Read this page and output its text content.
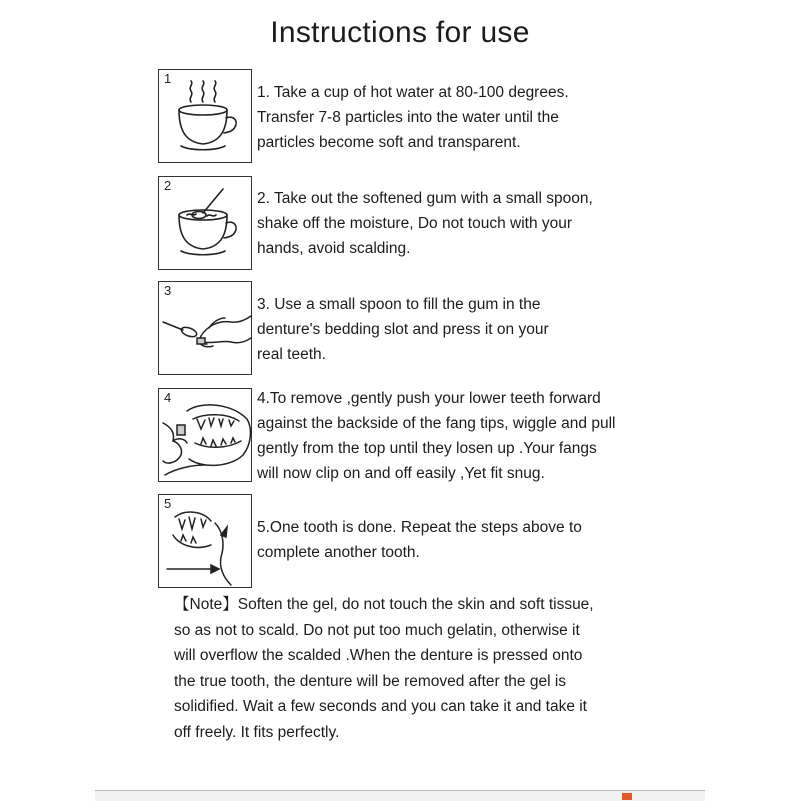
Instructions for use
1
1. Take a cup of hot water at 80-100 degrees.
Transfer 7-8 particles into the water until the
particles become soft and transparent.
2
2. Take out the softened gum with a small spoon,
shake off the moisture, Do not touch with your
hands, avoid scalding.
3
3. Use a small spoon to fill the gum in the
denture's bedding slot and press it on your
real teeth.
4	4.To remove ,gently push your lower teeth forward
against the backside of the fang tips, wiggle and pull
gently from the top until they losen up .Your fangs
will now clip on and off easily ,Yet fit snug.
5
5.One tooth is done. Repeat the steps above to
complete another tooth.
【Note】Soften the gel, do not touch the skin and soft tissue,
so as not to scald. Do not put too much gelatin, otherwise it
will overflow the scalded .When the denture is pressed onto
the true tooth, the denture will be removed after the gel is
solidified. Wait a few seconds and you can take it and take it
off freely. It fits perfectly.
